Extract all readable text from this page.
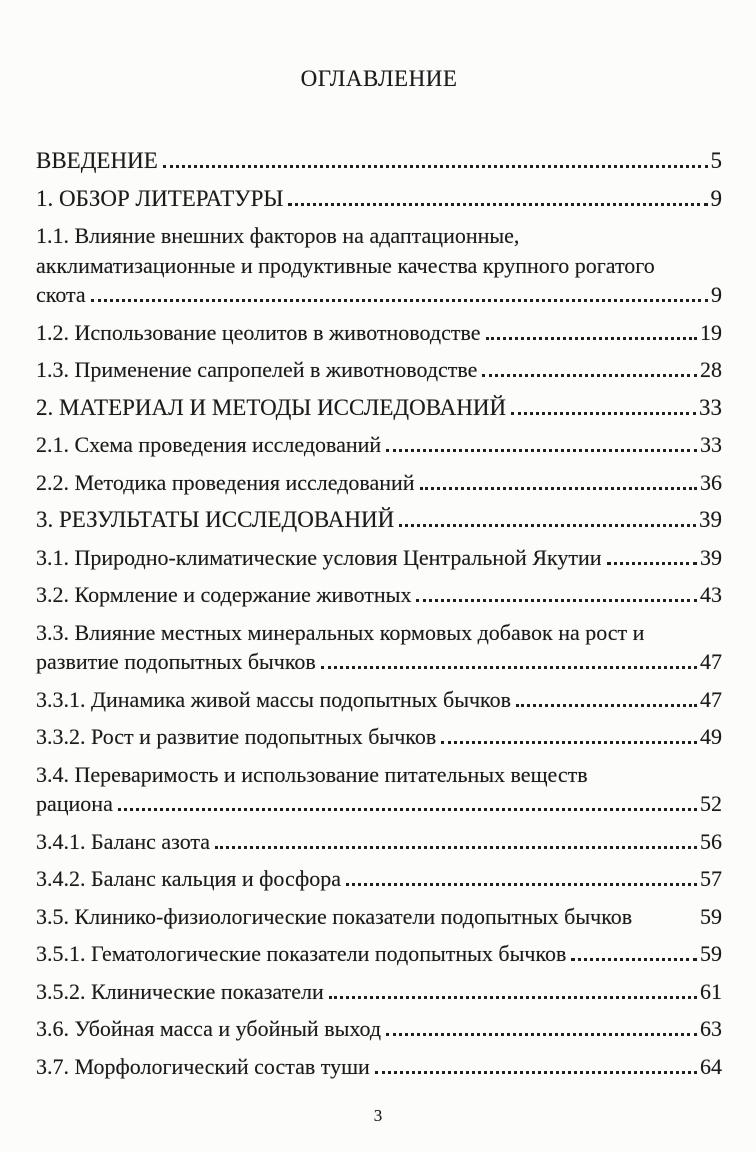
ОГЛАВЛЕНИЕ
ВВЕДЕНИЕ	5
1. ОБЗОР ЛИТЕРАТУРЫ	9
1.1. Влияние внешних факторов на адаптационные,
акклиматизационные и продуктивные качества крупного рогатого
скота	9
1.2. Использование цеолитов в животноводстве	19
1.3. Применение сапропелей в животноводстве	28
2. МАТЕРИАЛ И МЕТОДЫ ИССЛЕДОВАНИЙ	33
2.1. Схема проведения исследований	33
2.2. Методика проведения исследований	36
3. РЕЗУЛЬТАТЫ ИССЛЕДОВАНИЙ	39
3.1. Природно-климатические условия Центральной Якутии	39
3.2. Кормление и содержание животных	43
3.3. Влияние местных минеральных кормовых добавок на рост и
развитие подопытных бычков	47
3.3.1. Динамика живой массы подопытных бычков	47
3.3.2. Рост и развитие подопытных бычков	49
3.4. Переваримость и использование питательных веществ
рациона	52
3.4.1. Баланс азота	56
3.4.2. Баланс кальция и фосфора	57
3.5. Клинико-физиологические показатели подопытных бычков	59
3.5.1. Гематологические показатели подопытных бычков	59
3.5.2. Клинические показатели	61
3.6. Убойная масса и убойный выход	63
3.7. Морфологический состав туши	64
3
